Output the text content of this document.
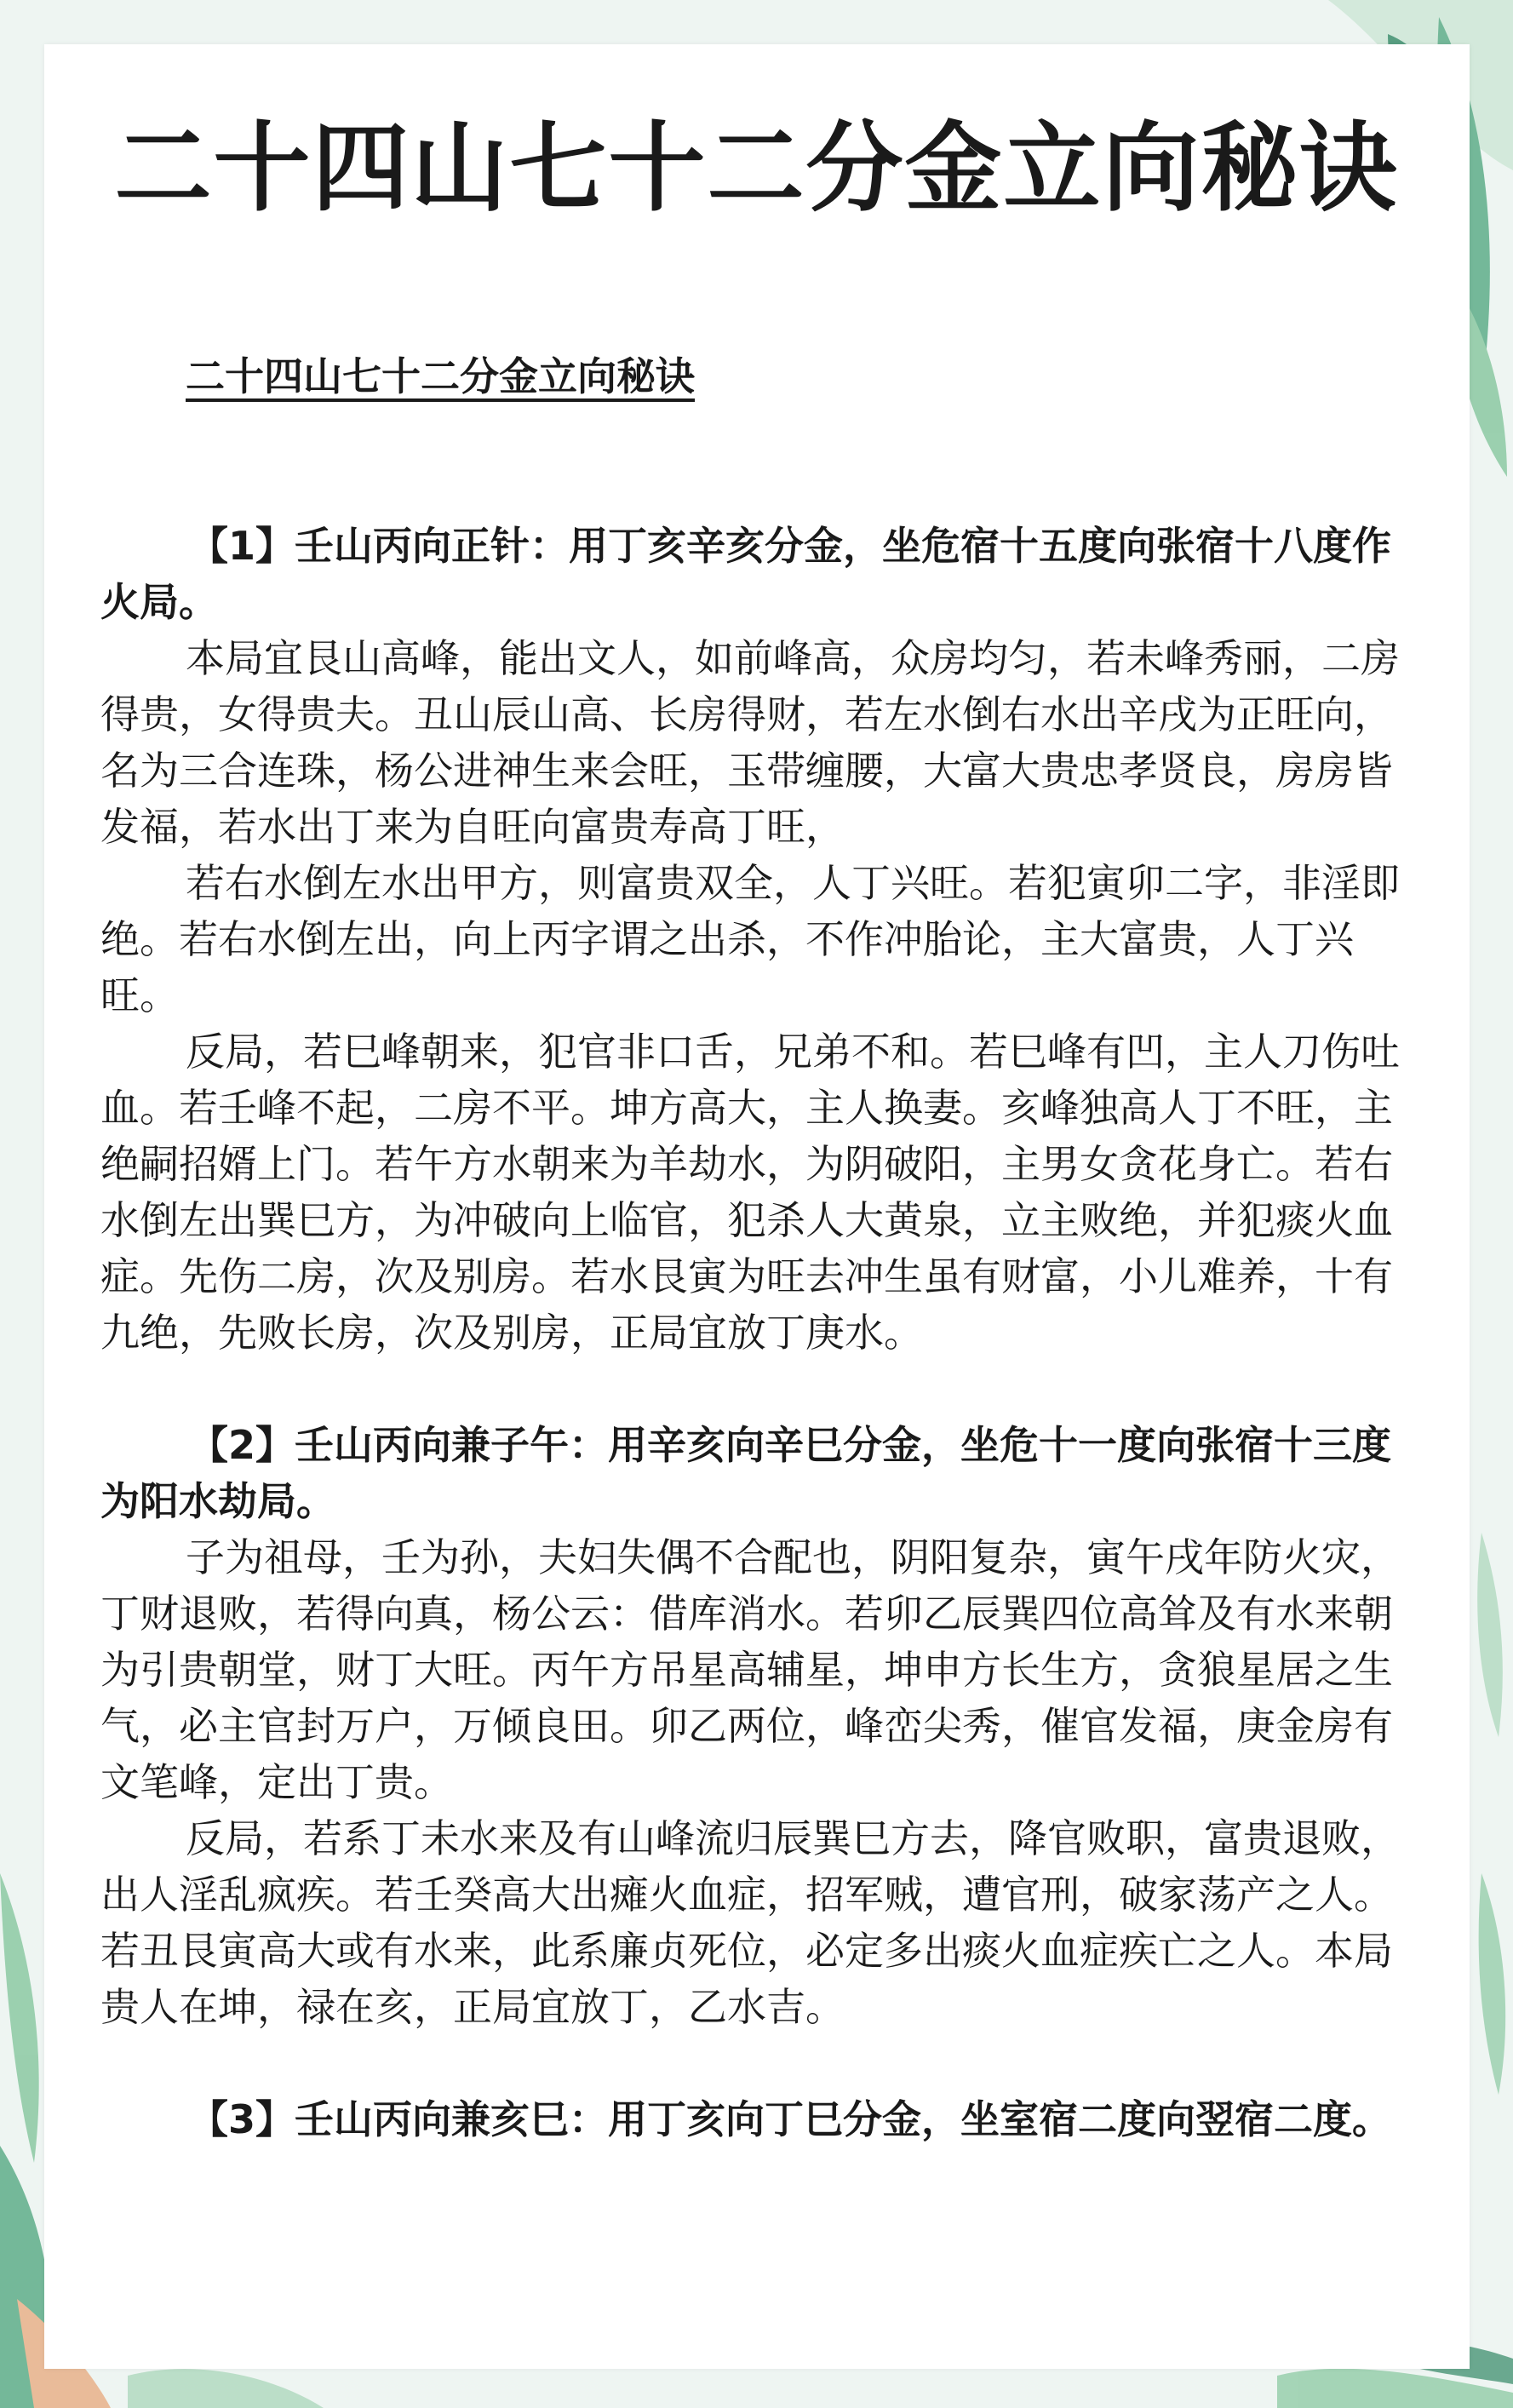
二十四山七十二分金立向秘诀
二十四山七十二分金立向秘诀

【1】壬山丙向正针：用丁亥辛亥分金，坐危宿十五度向张宿十八度作火局。

本局宜艮山高峰，能出文人，如前峰高，众房均匀，若未峰秀丽，二房得贵，女得贵夫。丑山辰山高、长房得财，若左水倒右水出辛戌为正旺向，名为三合连珠，杨公进神生来会旺，玉带缠腰，大富大贵忠孝贤良，房房皆发福，若水出丁来为自旺向富贵寿高丁旺，

若右水倒左水出甲方，则富贵双全，人丁兴旺。若犯寅卯二字，非淫即绝。若右水倒左出，向上丙字谓之出杀，不作冲胎论，主大富贵，人丁兴旺。

反局，若巳峰朝来，犯官非口舌，兄弟不和。若巳峰有凹，主人刀伤吐血。若壬峰不起，二房不平。坤方高大，主人换妻。亥峰独高人丁不旺，主绝嗣招婿上门。若午方水朝来为羊劫水，为阴破阳，主男女贪花身亡。若右水倒左出巽巳方，为冲破向上临官，犯杀人大黄泉，立主败绝，并犯痰火血症。先伤二房，次及别房。若水艮寅为旺去冲生虽有财富，小儿难养，十有九绝，先败长房，次及别房，正局宜放丁庚水。

【2】壬山丙向兼子午：用辛亥向辛巳分金，坐危十一度向张宿十三度为阳水劫局。

子为祖母，壬为孙，夫妇失偶不合配也，阴阳复杂，寅午戌年防火灾，丁财退败，若得向真，杨公云：借库消水。若卯乙辰巽四位高耸及有水来朝为引贵朝堂，财丁大旺。丙午方吊星高辅星，坤申方长生方，贪狼星居之生气，必主官封万户，万倾良田。卯乙两位，峰峦尖秀，催官发福，庚金房有文笔峰，定出丁贵。

反局，若系丁未水来及有山峰流归辰巽巳方去，降官败职，富贵退败，出人淫乱疯疾。若壬癸高大出瘫火血症，招军贼，遭官刑，破家荡产之人。若丑艮寅高大或有水来，此系廉贞死位，必定多出痰火血症疾亡之人。本局贵人在坤，禄在亥，正局宜放丁，乙水吉。

【3】壬山丙向兼亥巳：用丁亥向丁巳分金，坐室宿二度向翌宿二度。
